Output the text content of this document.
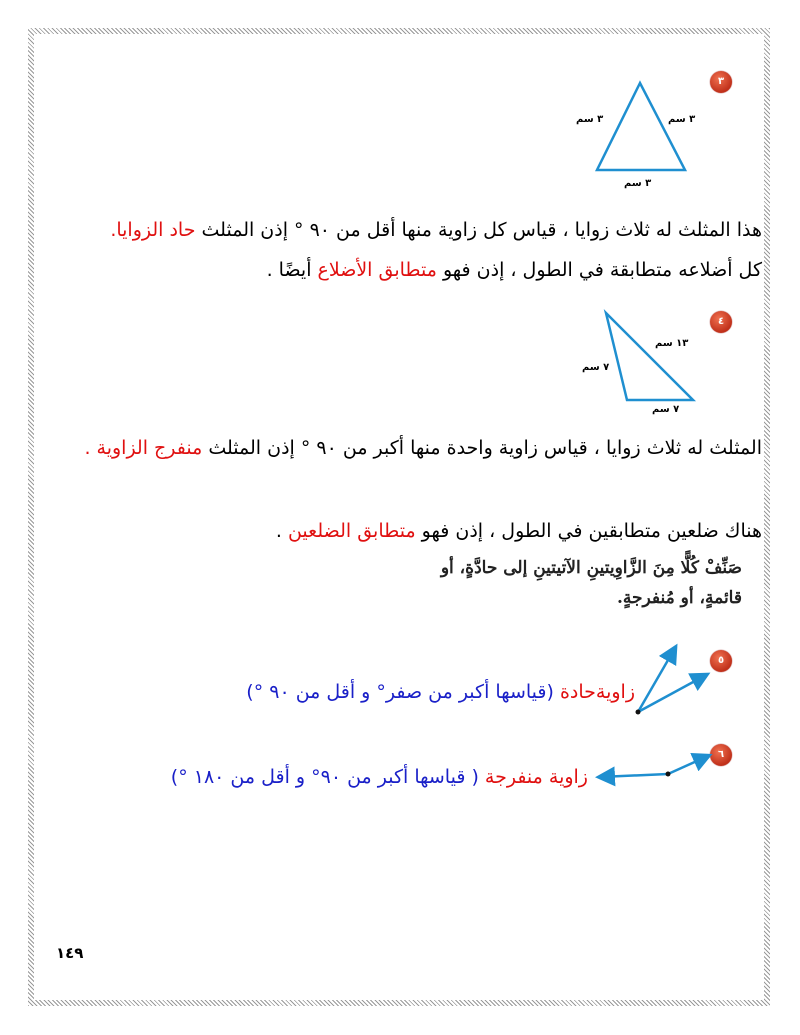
٣
٣ سم	٣ سم
٣ سم
هذا المثلث له ثلاث زوايا ، قياس كل زاوية منها أقل من ٩٠ ° إذن المثلث حاد الزوايا.
كل أضلاعه متطابقة في الطول ، إذن فهو متطابق الأضلاع أيضًا .
٤
١٣ سم
٧ سم
٧ سم
المثلث له ثلاث زوايا ، قياس زاوية واحدة منها أكبر من ٩٠ ° إذن المثلث منفرج الزاوية .
هناك ضلعين متطابقين في الطول ، إذن فهو متطابق الضلعين .
صَنِّفْ كُلًّا مِنَ الزَّاوِيتينِ الآتيتينِ إلى حادَّةٍ، أو
قائمةٍ، أو مُنفرجةٍ.
٥
زاويةحادة (قياسها أكبر من صفر° و أقل من ٩٠ °)
٦
زاوية منفرجة ( قياسها أكبر من ٩٠° و أقل من ١٨٠ °)
١٤٩
